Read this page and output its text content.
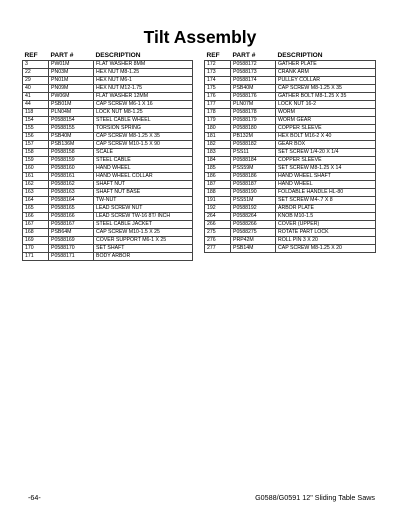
Tilt Assembly
REF	PART #	DESCRIPTION
3	PW01M	FLAT WASHER 8MM
22	PN03M	HEX NUT M8-1.25
29	PN01M	HEX NUT M6-1
40	PN09M	HEX NUT M12-1.75
41	PW06M	FLAT WASHER 12MM
44	PSB01M	CAP SCREW M6-1 X 16
118	PLN04M	LOCK NUT M8-1.25
154	P0588154	STEEL CABLE WHEEL
155	P0588155	TORSION SPRING
156	PSB40M	CAP SCREW M8-1.25 X 35
157	PSB136M	CAP SCREW M10-1.5 X 90
158	P0588158	SCALE
159	P0588159	STEEL CABLE
160	P0588160	HAND WHEEL
161	P0588161	HAND WHEEL COLLAR
162	P0588162	SHAFT NUT
163	P0588163	SHAFT NUT BASE
164	P0588164	TW-NUT
165	P0588165	LEAD SCREW NUT
166	P0588166	LEAD SCREW TW-16 8T/ INCH
167	P0588167	STEEL CABLE JACKET
168	PSB64M	CAP SCREW M10-1.5 X 25
169	P0588169	COVER SUPPORT M6-1 X 25
170	P0588170	SET SHAFT
171	P0588171	BODY ARBOR
REF	PART #	DESCRIPTION
172	P0588172	GATHER PLATE
173	P0588173	CRANK ARM
174	P0588174	PULLEY COLLAR
175	PSB40M	CAP SCREW M8-1.25 X 35
176	P0588176	GATHER BOLT M8-1.25 X 35
177	PLN07M	LOCK NUT 16-2
178	P0588178	WORM
179	P0588179	WORM GEAR
180	P0588180	COPPER SLEEVE
181	PB132M	HEX BOLT M16-2 X 40
182	P0588182	GEAR BOX
183	PSS11	SET SCREW 1/4-20 X 1/4
184	P0588184	COPPER SLEEVE
185	PSS59M	SET SCREW M8-1.25 X 14
186	P0588186	HAND WHEEL SHAFT
187	P0588187	HAND WHEEL
188	P0588190	FOLDABLE HANDLE HL-80
191	PSS51M	SET SCREW M4-.7 X 8
192	P0588192	ARBOR PLATE
264	P0588264	KNOB M10-1.5
266	P0588266	COVER (UPPER)
275	P0588275	ROTATE PART LOCK
276	PRP42M	ROLL PIN 3 X 20
277	PSB14M	CAP SCREW M8-1.25 X 20
-64-	G0588/G0591 12" Sliding Table Saws
